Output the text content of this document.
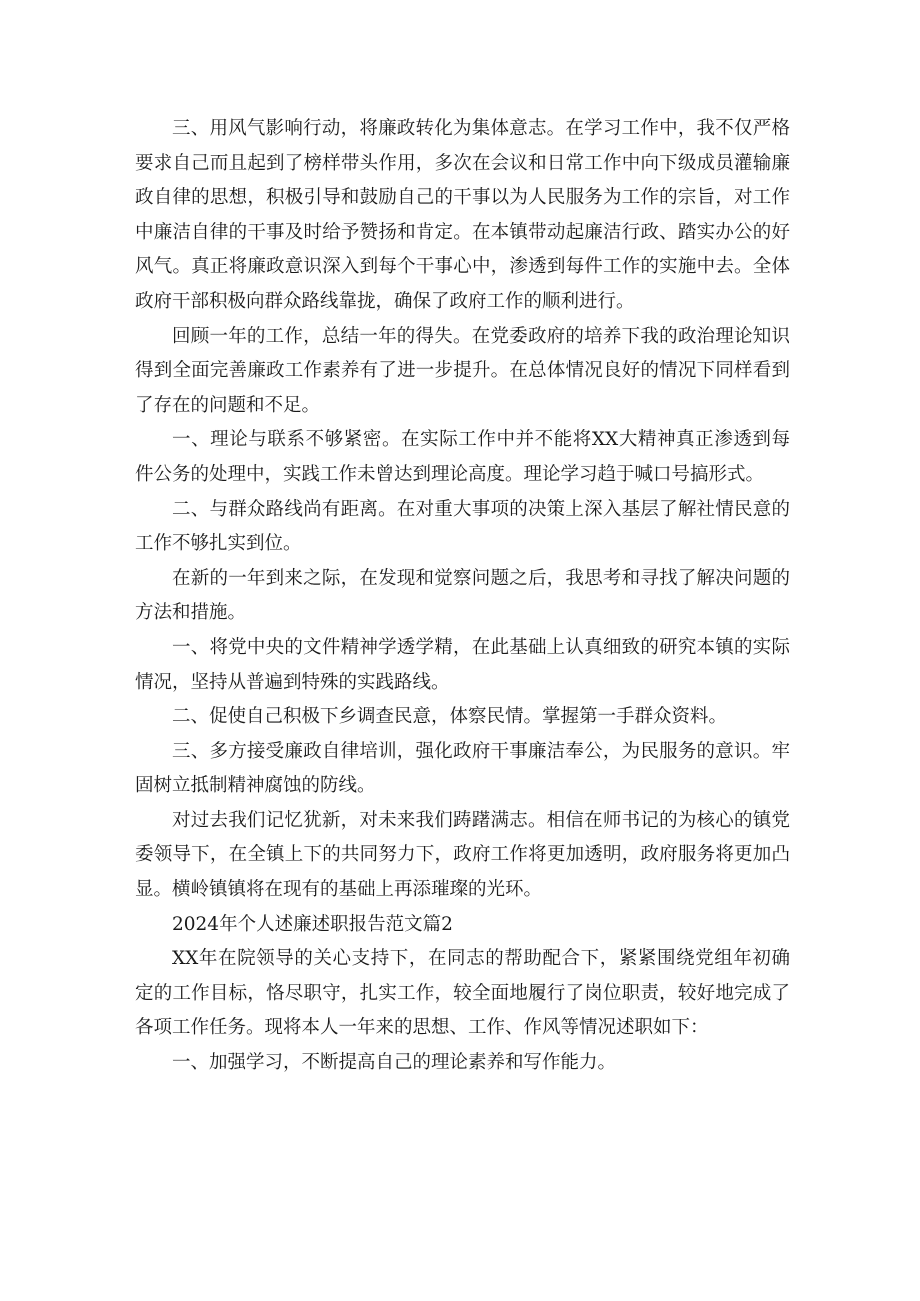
三、用风气影响行动，将廉政转化为集体意志。在学习工作中，我不仅严格要求自己而且起到了榜样带头作用，多次在会议和日常工作中向下级成员灌输廉政自律的思想，积极引导和鼓励自己的干事以为人民服务为工作的宗旨，对工作中廉洁自律的干事及时给予赞扬和肯定。在本镇带动起廉洁行政、踏实办公的好风气。真正将廉政意识深入到每个干事心中，渗透到每件工作的实施中去。全体政府干部积极向群众路线靠拢，确保了政府工作的顺利进行。

回顾一年的工作，总结一年的得失。在党委政府的培养下我的政治理论知识得到全面完善廉政工作素养有了进一步提升。在总体情况良好的情况下同样看到了存在的问题和不足。

一、理论与联系不够紧密。在实际工作中并不能将XX大精神真正渗透到每件公务的处理中，实践工作未曾达到理论高度。理论学习趋于喊口号搞形式。

二、与群众路线尚有距离。在对重大事项的决策上深入基层了解社情民意的工作不够扎实到位。

在新的一年到来之际，在发现和觉察问题之后，我思考和寻找了解决问题的方法和措施。

一、将党中央的文件精神学透学精，在此基础上认真细致的研究本镇的实际情况，坚持从普遍到特殊的实践路线。

二、促使自己积极下乡调查民意，体察民情。掌握第一手群众资料。

三、多方接受廉政自律培训，强化政府干事廉洁奉公，为民服务的意识。牢固树立抵制精神腐蚀的防线。

对过去我们记忆犹新，对未来我们踌躇满志。相信在师书记的为核心的镇党委领导下，在全镇上下的共同努力下，政府工作将更加透明，政府服务将更加凸显。横岭镇镇将在现有的基础上再添璀璨的光环。

2024年个人述廉述职报告范文篇2

XX年在院领导的关心支持下，在同志的帮助配合下，紧紧围绕党组年初确定的工作目标，恪尽职守，扎实工作，较全面地履行了岗位职责，较好地完成了各项工作任务。现将本人一年来的思想、工作、作风等情况述职如下：

一、加强学习，不断提高自己的理论素养和写作能力。
